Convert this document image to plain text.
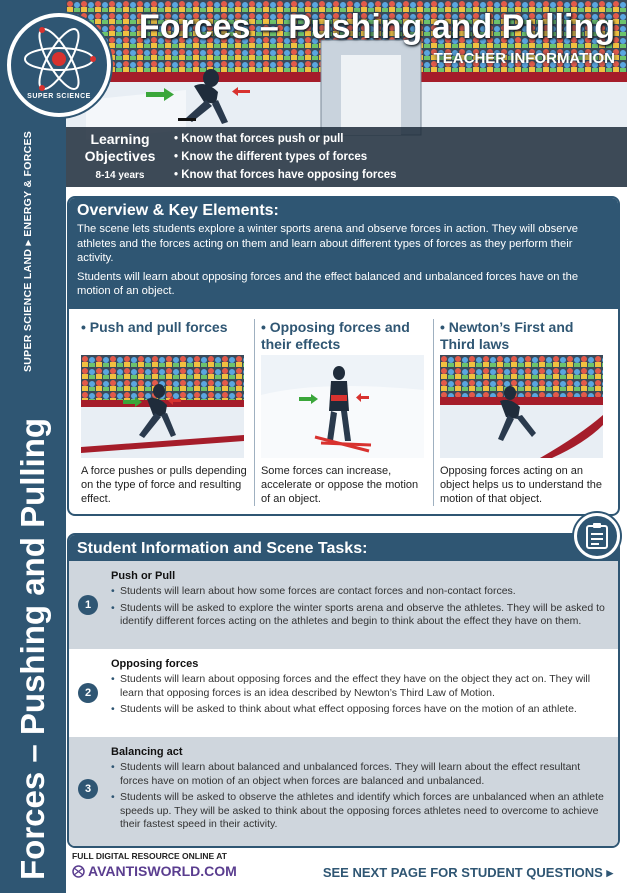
SUPER SCIENCE LAND ▸ ENERGY & FORCES
Forces – Pushing and Pulling
SUPER SCIENCE
Forces – Pushing and Pulling
TEACHER INFORMATION
Learning
Objectives
8-14 years
• Know that forces push or pull
• Know the different types of forces
• Know that forces have opposing forces
Overview & Key Elements:

The scene lets students explore a winter sports arena and observe forces in action. They will observe athletes and the forces acting on them and learn about different types of forces as they perform their activity.

Students will learn about opposing forces and the effect balanced and unbalanced forces have on the motion of an object.

• Push and pull forces

A force pushes or pulls depending on the type of force and resulting effect.

• Opposing forces and their effects

Some forces can increase, accelerate or oppose the motion of an object.

• Newton’s First and Third laws

Opposing forces acting on an object helps us to understand the motion of that object.

Student Information and Scene Tasks:
1
Push or Pull
• Students will learn about how some forces are contact forces and non-contact forces.
• Students will be asked to explore the winter sports arena and observe the athletes. They will be asked to identify different forces acting on the athletes and begin to think about the effect they have on them.
2
Opposing forces
• Students will learn about opposing forces and the effect they have on the object they act on. They will learn that opposing forces is an idea described by Newton’s Third Law of Motion.
• Students will be asked to think about what effect opposing forces have on the motion of an athlete.
3
Balancing act
• Students will learn about balanced and unbalanced forces. They will learn about the effect resultant forces have on motion of an object when forces are balanced and unbalanced.
• Students will be asked to observe the athletes and identify which forces are unbalanced when an athlete speeds up. They will be asked to think about the opposing forces athletes need to overcome to achieve their fastest speed in their activity.
FULL DIGITAL RESOURCE ONLINE AT
AVANTISWORLD.COM	SEE NEXT PAGE FOR STUDENT QUESTIONS ▸
